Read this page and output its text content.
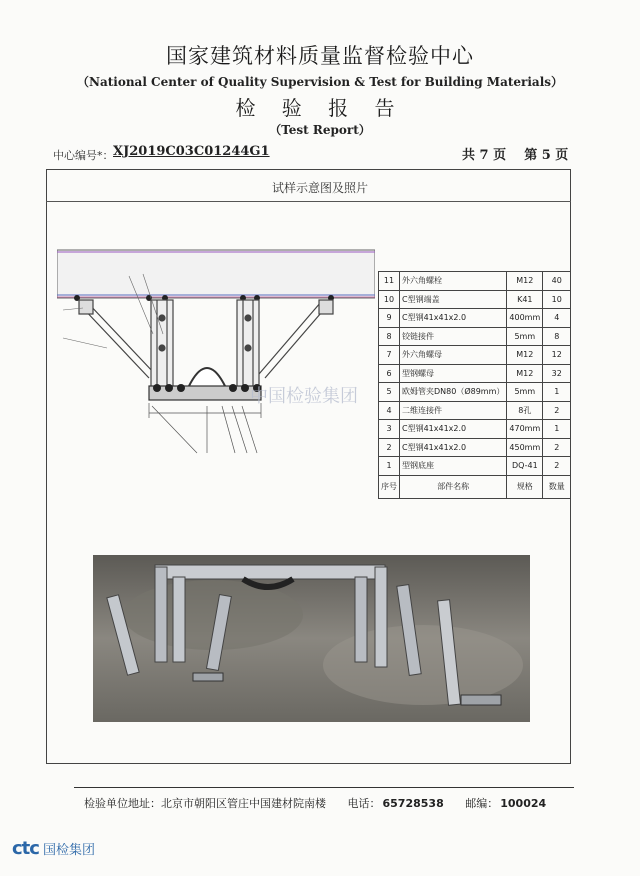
国家建筑材料质量监督检验中心
（National Center of Quality Supervision & Test for Building Materials）
检 验 报 告
（Test Report）
中心编号*： XJ2019C03C01244G1	共 7 页    第 5 页
试样示意图及照片
中国检验集团
11	外六角螺栓	M12	40
10	C型钢端盖	K41	10
9	C型钢41x41x2.0	400mm	4
8	铰链接件	5mm	8
7	外六角螺母	M12	12
6	型钢螺母	M12	32
5	欧姆管夹DN80（Ø89mm）	5mm	1
4	二维连接件	8孔	2
3	C型钢41x41x2.0	470mm	1
2	C型钢41x41x2.0	450mm	2
1	型钢底座	DQ-41	2
序号	部件名称	规格	数量
检验单位地址：北京市朝阳区管庄中国建材院南楼 电话： 65728538 邮编： 100024
ctc 国检集团
